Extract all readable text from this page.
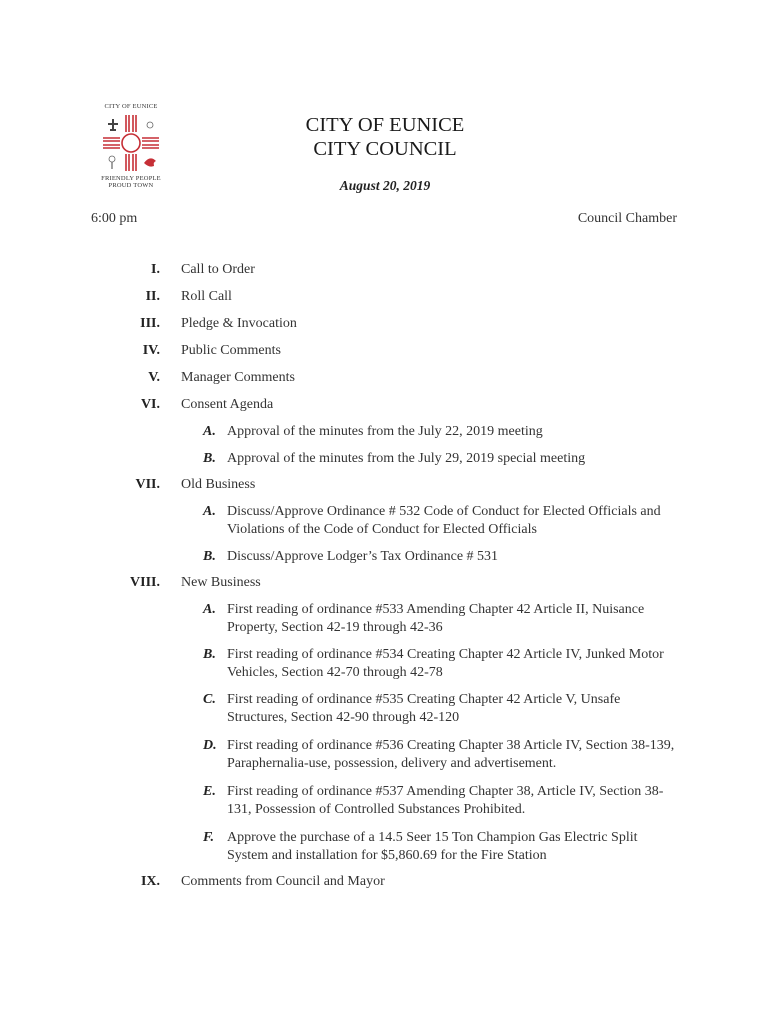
CITY OF EUNICE
FRIENDLY PEOPLE
PROUD TOWN
CITY OF EUNICE
CITY COUNCIL
August 20, 2019
6:00 pm	Council Chamber
I. Call to Order
II. Roll Call
III. Pledge & Invocation
IV. Public Comments
V. Manager Comments
VI. Consent Agenda
A. Approval of the minutes from the July 22, 2019 meeting
B. Approval of the minutes from the July 29, 2019 special meeting
VII. Old Business
A. Discuss/Approve Ordinance # 532 Code of Conduct for Elected Officials and Violations of the Code of Conduct for Elected Officials
B. Discuss/Approve Lodger’s Tax Ordinance # 531
VIII. New Business
A. First reading of ordinance #533 Amending Chapter 42 Article II, Nuisance Property, Section 42-19 through 42-36
B. First reading of ordinance #534 Creating Chapter 42 Article IV, Junked Motor Vehicles, Section 42-70 through 42-78
C. First reading of ordinance #535 Creating Chapter 42 Article V, Unsafe Structures, Section 42-90 through 42-120
D. First reading of ordinance #536 Creating Chapter 38 Article IV, Section 38-139, Paraphernalia-use, possession, delivery and advertisement.
E. First reading of ordinance #537 Amending Chapter 38, Article IV, Section 38-131, Possession of Controlled Substances Prohibited.
F. Approve the purchase of a 14.5 Seer 15 Ton Champion Gas Electric Split System and installation for $5,860.69 for the Fire Station
IX. Comments from Council and Mayor
